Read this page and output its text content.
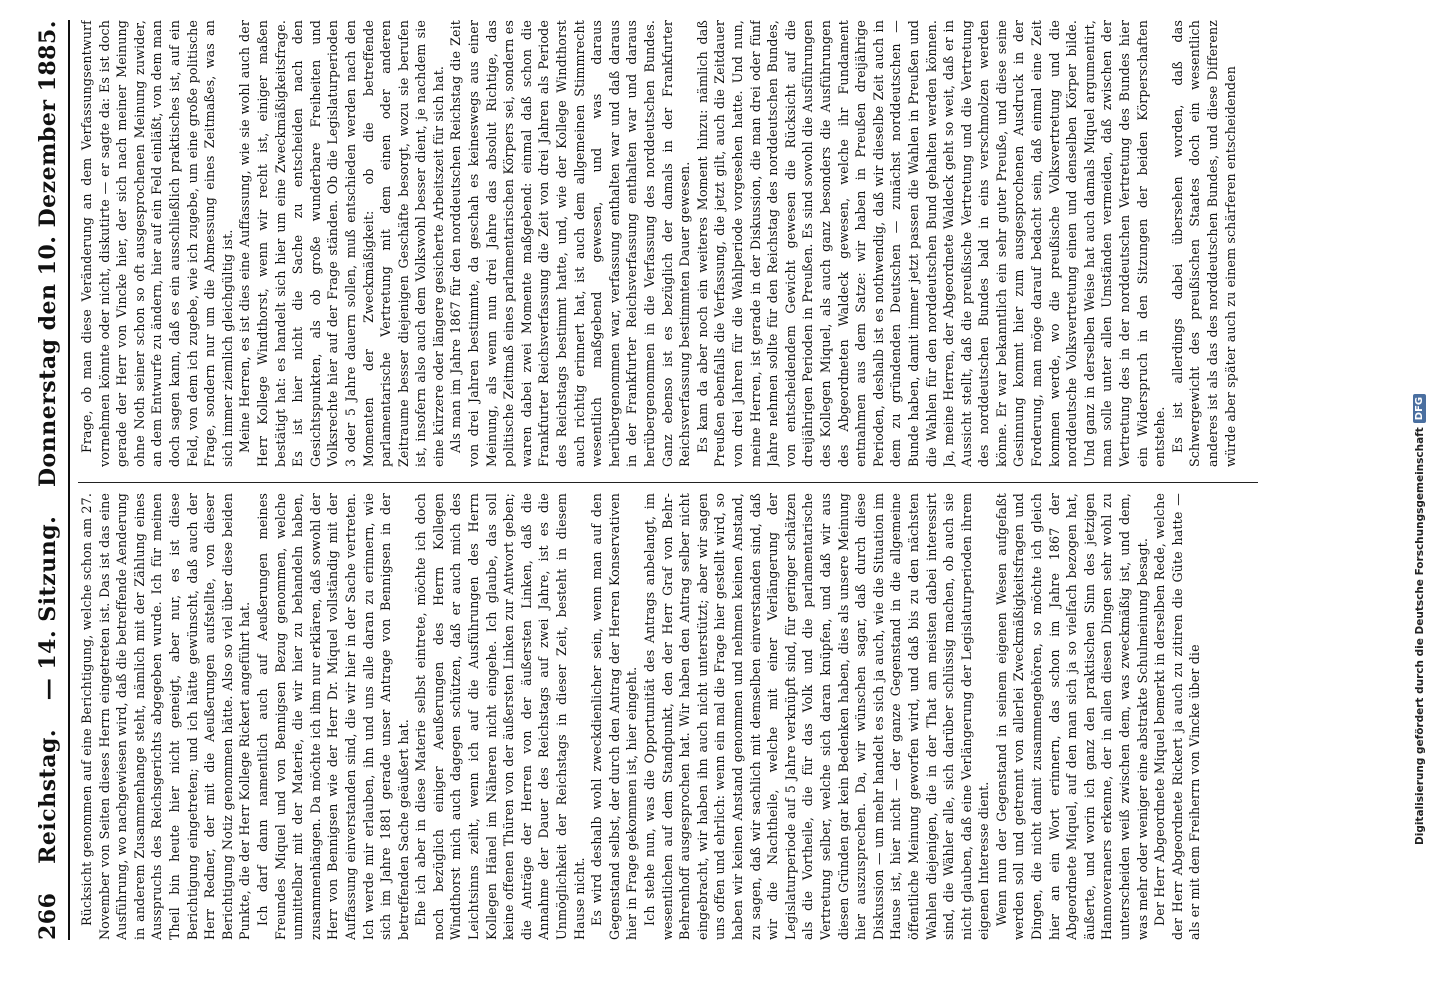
266
Reichstag.
— 14. Sitzung.
Donnerstag den 10. Dezember 1885.

Rücksicht genommen auf eine Berichtigung, welche schon am 27. November von Seiten dieses Herrn eingetreten ist. Das ist das eine Ausführung, wo nachgewiesen wird, daß die betreffende Aenderung in anderem Zusammenhange steht, nämlich mit der Zählung eines Ausspruchs des Reichsgerichts abgegeben wurde. Ich für meinen Theil bin heute hier nicht geneigt, aber nur, es ist diese Berichtigung eingetreten; und ich hätte gewünscht, daß auch der Herr Redner, der mit die Aeußerungen aufstellte, von dieser Berichtigung Notiz genommen hätte. Also so viel über diese beiden Punkte, die der Herr Kollege Rickert angeführt hat. Ich darf dann namentlich auch auf Aeußerungen meines Freundes Miquel und von Bennigsen Bezug genommen, welche unmittelbar mit der Materie, die wir hier zu behandeln haben, zusammenhängen. Da möchte ich ihm nur erklären, daß sowohl der Herr von Bennigsen wie der Herr Dr. Miquel vollständig mit der Auffassung einverstanden sind, die wir hier in der Sache vertreten. Ich werde mir erlauben, ihn und uns alle daran zu erinnern, wie sich im Jahre 1881 gerade unser Antrage von Bennigsen in der betreffenden Sache geäußert hat. Ehe ich aber in diese Materie selbst eintrete, möchte ich doch noch bezüglich einiger Aeußerungen des Herrn Kollegen Windthorst mich auch dagegen schützen, daß er auch mich des Leichtsinns zeiht, wenn ich auf die Ausführungen des Herrn Kollegen Hänel im Näheren nicht eingehe. Ich glaube, das soll keine offenen Thüren von der äußersten Linken zur Antwort geben; die Anträge der Herren von der äußersten Linken, daß die Annahme der Dauer des Reichstags auf zwei Jahre, ist es die Unmöglichkeit der Reichstags in dieser Zeit, besteht in diesem Hause nicht. Es wird deshalb wohl zweckdienlicher sein, wenn man auf den Gegenstand selbst, der durch den Antrag der Herren Konservativen hier in Frage gekommen ist, hier eingeht. Ich stehe nun, was die Opportunität des Antrags anbelangt, im wesentlichen auf dem Standpunkt, den der Herr Graf von Behr-Behrenhoff ausgesprochen hat. Wir haben den Antrag selber nicht eingebracht, wir haben ihn auch nicht unterstützt; aber wir sagen uns offen und ehrlich: wenn ein mal die Frage hier gestellt wird, so haben wir keinen Anstand genommen und nehmen keinen Anstand, zu sagen, daß wir sachlich mit demselben einverstanden sind, daß wir die Nachtheile, welche mit einer Verlängerung der Legislaturperiode auf 5 Jahre verknüpft sind, für geringer schätzen als die Vortheile, die für das Volk und die parlamentarische Vertretung selber, welche sich daran knüpfen, und daß wir aus diesen Gründen gar kein Bedenken haben, dies als unsere Meinung hier auszusprechen. Da, wir wünschen sagar, daß durch diese Diskussion — um mehr handelt es sich ja auch, wie die Situation im Hause ist, hier nicht — der ganze Gegenstand in die allgemeine öffentliche Meinung geworfen wird, und daß bis zu den nächsten Wahlen diejenigen, die in der That am meisten dabei interessirt sind, die Wähler alle, sich darüber schlüssig machen, ob auch sie nicht glauben, daß eine Verlängerung der Legislaturperioden ihrem eigenen Interesse dient. Wenn nun der Gegenstand in seinem eigenen Wesen aufgefaßt werden soll und getrennt von allerlei Zweckmäßigkeitsfragen und Dingen, die nicht damit zusammengehören, so möchte ich gleich hier an ein Wort erinnern, das schon im Jahre 1867 der Abgeordnete Miquel, auf den man sich ja so vielfach bezogen hat, äußerte, und worin ich ganz den praktischen Sinn des jetzigen Hannoveraners erkenne, der in allen diesen Dingen sehr wohl zu unterscheiden weiß zwischen dem, was zweckmäßig ist, und dem, was mehr oder weniger eine abstrakte Schulmeinung besagt. Der Herr Abgeordnete Miquel bemerkt in derselben Rede, welche der Herr Abgeordnete Rickert ja auch zu zitiren die Güte hatte — als er mit dem Freiherrn von Vincke über die

Frage, ob man diese Veränderung an dem Verfassungsentwurf vornehmen könnte oder nicht, diskutirte — er sagte da: Es ist doch gerade der Herr von Vincke hier, der sich nach meiner Meinung ohne Noth seiner schon so oft ausgesprochenen Meinung zuwider, an dem Entwurfe zu ändern, hier auf ein Feld einläßt, von dem man doch sagen kann, daß es ein ausschließlich praktisches ist, auf ein Feld, von dem ich zugebe, wie ich zugebe, um eine große politische Frage, sondern nur um die Abmessung eines Zeitmaßes, was an sich immer ziemlich gleichgültig ist. Meine Herren, es ist dies eine Auffassung, wie sie wohl auch der Herr Kollege Windthorst, wenn wir recht ist, einiger maßen bestätigt hat: es handelt sich hier um eine Zweckmäßigkeitsfrage. Es ist hier nicht die Sache zu entscheiden nach den Gesichtspunkten, als ob große wunderbare Freiheiten und Volksrechte hier auf der Frage ständen. Ob die Legislaturperioden 3 oder 5 Jahre dauern sollen, muß entschieden werden nach den Momenten der Zweckmäßigkeit: ob die betreffende parlamentarische Vertretung mit dem einen oder anderen Zeitraume besser diejenigen Geschäfte besorgt, wozu sie berufen ist, insofern also auch dem Volkswohl besser dient, je nachdem sie eine kürzere oder längere gesicherte Arbeitszeit für sich hat. Als man im Jahre 1867 für den norddeutschen Reichstag die Zeit von drei Jahren bestimmte, da geschah es keineswegs aus einer Meinung, als wenn nun drei Jahre das absolut Richtige, das politische Zeitmaß eines parlamentarischen Körpers sei, sondern es waren dabei zwei Momente maßgebend: einmal daß schon die Frankfurter Reichsverfassung die Zeit von drei Jahren als Periode des Reichstags bestimmt hatte, und, wie der Kollege Windthorst auch richtig erinnert hat, ist auch dem allgemeinen Stimmrecht wesentlich maßgebend gewesen, und was daraus herübergenommen war, verfassung enthalten war und daß daraus in der Frankfurter Reichsverfassung enthalten war und daraus herübergenommen in die Verfassung des norddeutschen Bundes. Ganz ebenso ist es bezüglich der damals in der Frankfurter Reichsverfassung bestimmten Dauer gewesen. Es kam da aber noch ein weiteres Moment hinzu: nämlich daß Preußen ebenfalls die Verfassung, die jetzt gilt, auch die Zeitdauer von drei Jahren für die Wahlperiode vorgesehen hatte. Und nun, meine Herren, ist gerade in der Diskussion, die man drei oder fünf Jahre nehmen sollte für den Reichstag des norddeutschen Bundes, von entscheidendem Gewicht gewesen die Rücksicht auf die dreijährigen Perioden in Preußen. Es sind sowohl die Ausführungen des Kollegen Miquel, als auch ganz besonders die Ausführungen des Abgeordneten Waldeck gewesen, welche ihr Fundament entnahmen aus dem Satze: wir haben in Preußen dreijährige Perioden, deshalb ist es nothwendig, daß wir dieselbe Zeit auch in dem zu gründenden Deutschen — zunächst norddeutschen — Bunde haben, damit immer jetzt passen die Wahlen in Preußen und die Wahlen für den norddeutschen Bund gehalten werden können. Ja, meine Herren, der Abgeordnete Waldeck geht so weit, daß er in Aussicht stellt, daß die preußische Vertretung und die Vertretung des norddeutschen Bundes bald in eins verschmolzen werden könne. Er war bekanntlich ein sehr guter Preuße, und diese seine Gesinnung kommt hier zum ausgesprochenen Ausdruck in der Forderung, man möge darauf bedacht sein, daß einmal eine Zeit kommen werde, wo die preußische Volksvertretung und die norddeutsche Volksvertretung einen und denselben Körper bilde. Und ganz in derselben Weise hat auch damals Miquel argumentirt, man solle unter allen Umständen vermeiden, daß zwischen der Vertretung des in der norddeutschen Vertretung des Bundes hier ein Widerspruch in den Sitzungen der beiden Körperschaften entstehe. Es ist allerdings dabei übersehen worden, daß das Schwergewicht des preußischen Staates doch ein wesentlich anderes ist als das des norddeutschen Bundes, und diese Differenz würde aber später auch zu einem schärferen entscheidenden

Digitalisierung gefördert durch die Deutsche Forschungsgemeinschaft
DFG
